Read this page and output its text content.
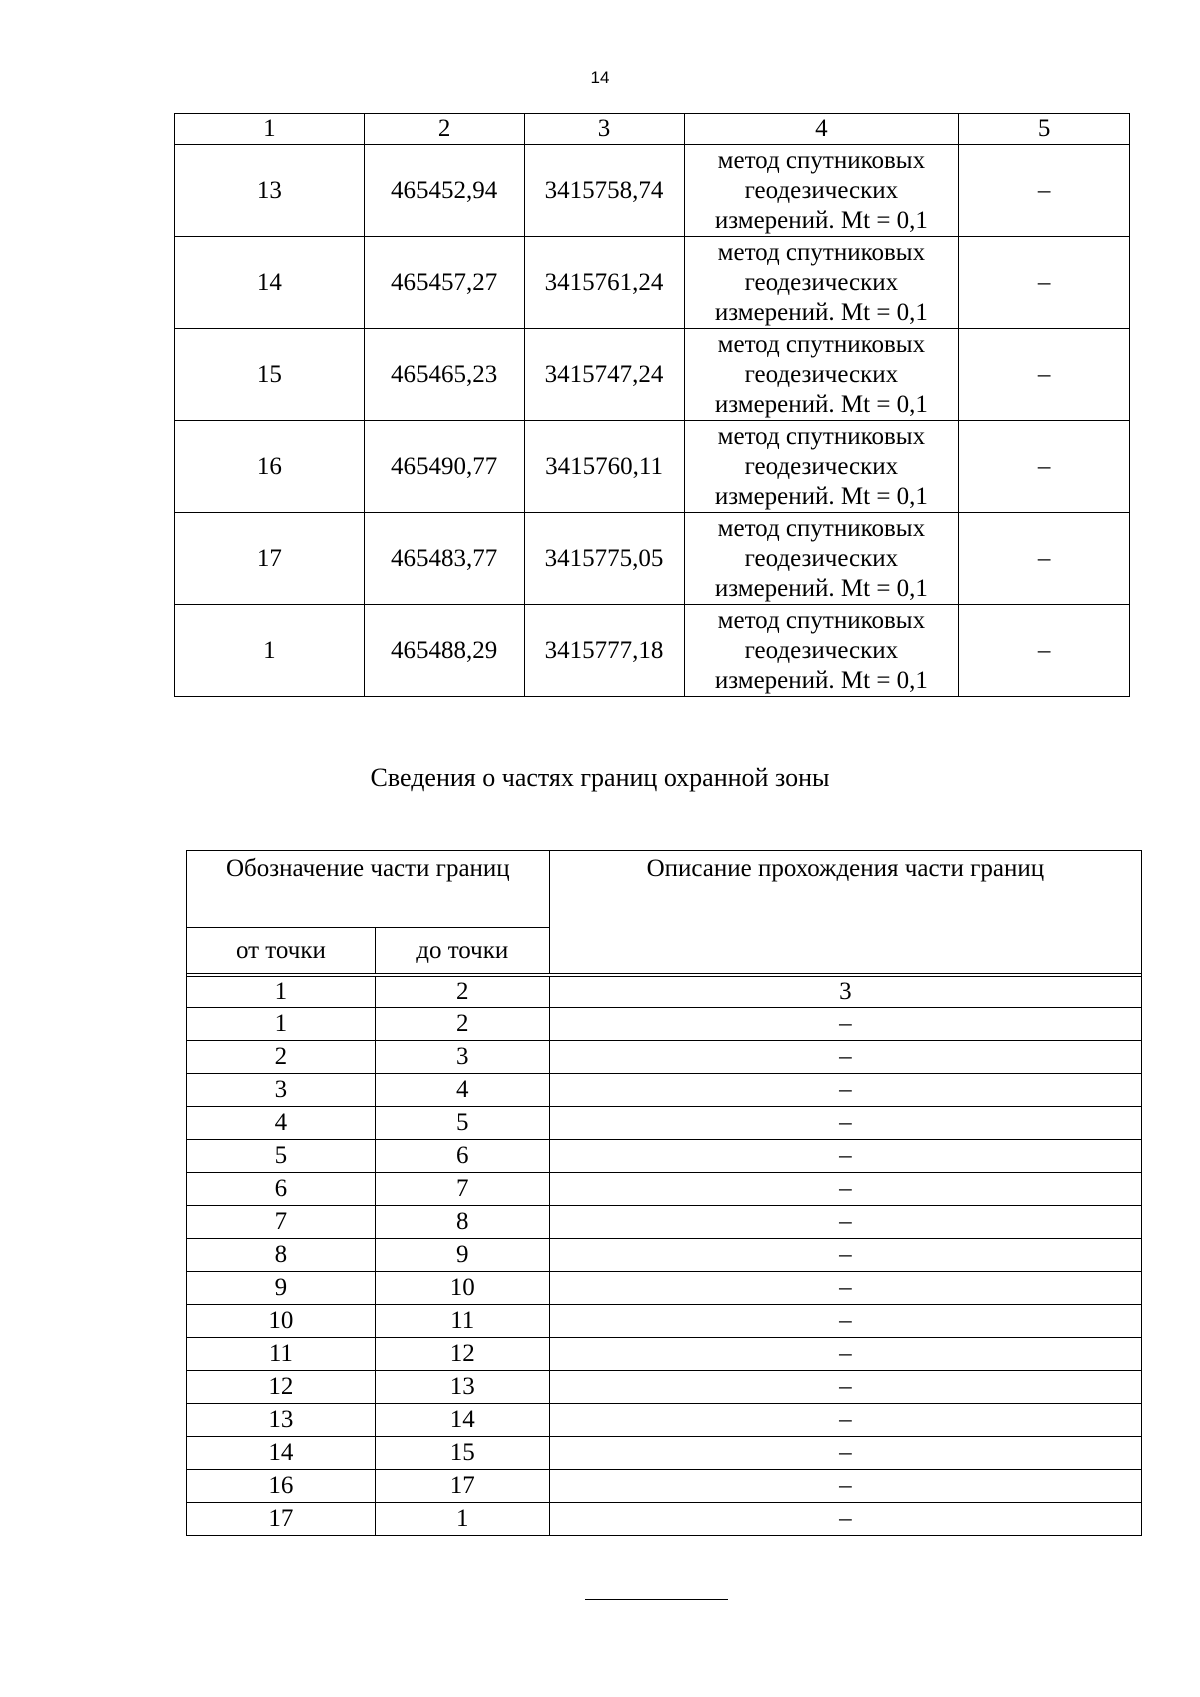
14
1	2	3	4	5
13	465452,94	3415758,74	метод спутниковых
геодезических
измерений. Mt = 0,1	–
14	465457,27	3415761,24	метод спутниковых
геодезических
измерений. Mt = 0,1	–
15	465465,23	3415747,24	метод спутниковых
геодезических
измерений. Mt = 0,1	–
16	465490,77	3415760,11	метод спутниковых
геодезических
измерений. Mt = 0,1	–
17	465483,77	3415775,05	метод спутниковых
геодезических
измерений. Mt = 0,1	–
1	465488,29	3415777,18	метод спутниковых
геодезических
измерений. Mt = 0,1	–
Сведения о частях границ охранной зоны
Обозначение части границ		Описание прохождения части границ
от точки	до точки	

1	2	3
1	2	–
2	3	–
3	4	–
4	5	–
5	6	–
6	7	–
7	8	–
8	9	–
9	10	–
10	11	–
11	12	–
12	13	–
13	14	–
14	15	–
16	17	–
17	1	–
